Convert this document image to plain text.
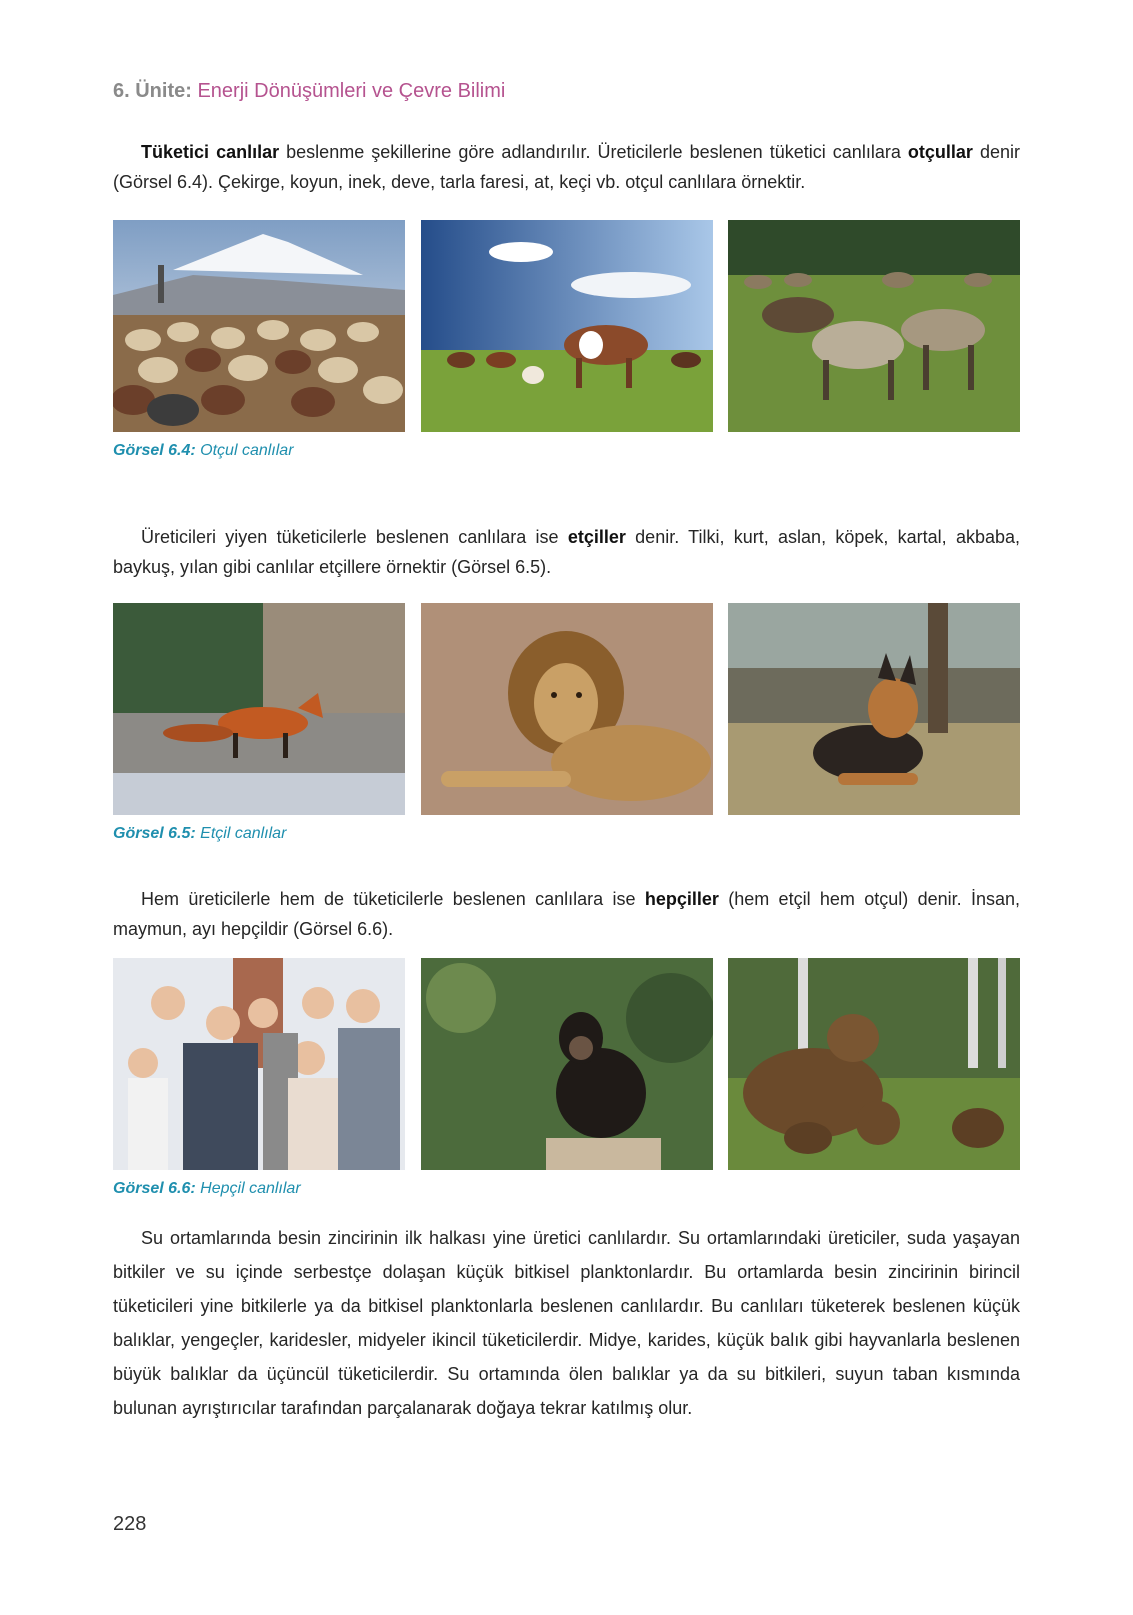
6. Ünite: Enerji Dönüşümleri ve Çevre Bilimi
Tüketici canlılar beslenme şekillerine göre adlandırılır. Üreticilerle beslenen tüketici canlılara otçullar denir (Görsel 6.4). Çekirge, koyun, inek, deve, tarla faresi, at, keçi vb. otçul canlılara örnektir.
Görsel 6.4: Otçul canlılar
Üreticileri yiyen tüketicilerle beslenen canlılara ise etçiller denir. Tilki, kurt, aslan, köpek, kartal, akbaba, baykuş, yılan gibi canlılar etçillere örnektir (Görsel 6.5).
Görsel 6.5: Etçil canlılar
Hem üreticilerle hem de tüketicilerle beslenen canlılara ise hepçiller (hem etçil hem otçul) denir. İnsan, maymun, ayı hepçildir (Görsel 6.6).
Görsel 6.6: Hepçil canlılar
Su ortamlarında besin zincirinin ilk halkası yine üretici canlılardır. Su ortamlarındaki üreticiler, suda yaşayan bitkiler ve su içinde serbestçe dolaşan küçük bitkisel planktonlardır. Bu ortamlarda besin zincirinin birincil tüketicileri yine bitkilerle ya da bitkisel planktonlarla beslenen canlılardır. Bu canlıları tüketerek beslenen küçük balıklar, yengeçler, karidesler, midyeler ikincil tüketicilerdir. Midye, karides, küçük balık gibi hayvanlarla beslenen büyük balıklar da üçüncül tüketicilerdir. Su ortamında ölen balıklar ya da su bitkileri, suyun taban kısmında bulunan ayrıştırıcılar tarafından parçalanarak doğaya tekrar katılmış olur.
228
